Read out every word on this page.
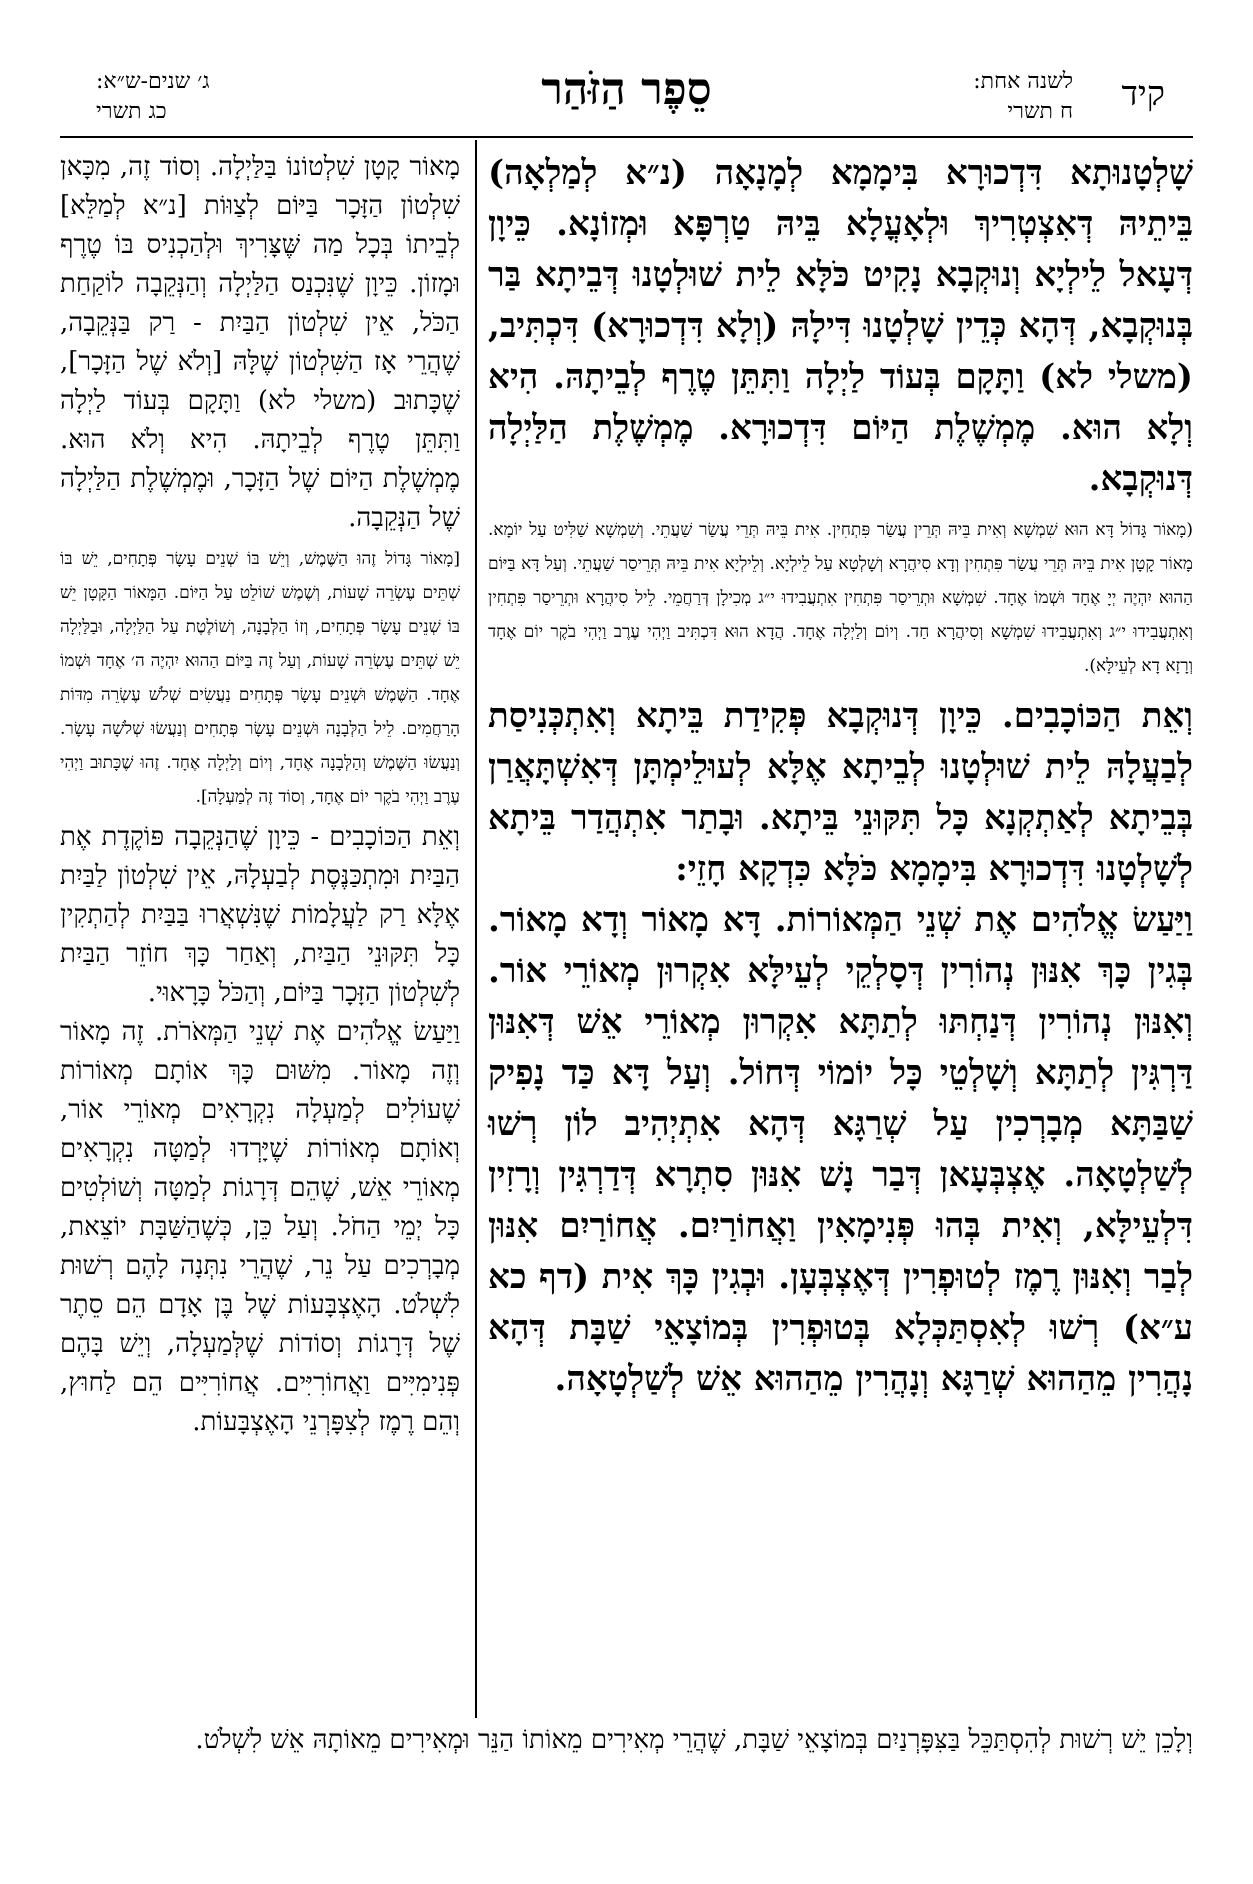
קיד
לשנה אחת:
ח תשרי
סֵפֶר הַזֹּהַר
ג׳ שנים-ש״א:
כג תשרי

שָׁלְטָנוּתָא דִּדְכוּרָא בִּימָמָא לְמָנָאָה (נ״א לְמַלְאָה) בֵּיתֵיהּ דְּאִצְטְרִיךְ וּלְאָעֳלָא בֵּיהּ טַרְפָּא וּמְזוֹנָא. כֵּיוָן דְּעָאל לֵילְיָא וְנוּקְבָא נָקִיט כֹּלָּא לֵית שׁוּלְטָנוּ דְּבֵיתָא בַּר בְּנוּקְבָא, דְּהָא כְּדֵין שָׁלְטָנוּ דִּילָהּ (וְלָא דִּדְכוּרָא) דִּכְתִּיב, (משלי לא) וַתָּקָם בְּעוֹד לַיְלָה וַתִּתֵּן טֶרֶף לְבֵיתָהּ. הִיא וְלָא הוּא. מֶמְשֶׁלֶת הַיּוֹם דִּדְכוּרָא. מֶמְשֶׁלֶת הַלַּיְלָה דְּנוּקְבָא.

(מָאוֹר גָּדוֹל דָּא הוּא שִׁמְשָׁא וְאִית בֵּיהּ תְּרֵין עֲשַׂר פִּתְחִין. אִית בֵּיהּ תְּרֵי עֲשַׂר שַׁעֲתֵי. וְשִׁמְשָׁא שַׁלִּיט עַל יוֹמָא. מָאוֹר קָטָן אִית בֵּיהּ תְּרֵי עֲשַׂר פִּתְחִין וְדָא סִיהֲרָא וְשָׁלְטָא עַל לֵילְיָא. וְלֵילְיָא אִית בֵּיהּ תְּרֵיסַר שַׁעֲתֵי. וְעַל דָּא בַּיּוֹם הַהוּא יִהְיֶה יְיָ אֶחָד וּשְׁמוֹ אֶחָד. שִׁמְשָׁא וּתְרֵיסַר פִּתְחִין אִתְעֲבִידוּ י״ג מְכִילָן דְּרַחֲמֵי. לֵיל סִיהֲרָא וּתְרֵיסַר פִּתְחִין וְאִתְעֲבִידוּ י״ג וְאִתְעֲבִידוּ שִׁמְשָׁא וְסִיהֲרָא חַד. וְיוֹם וְלַיְלָה אֶחָד. הֲדָא הוּא דִּכְתִּיב וַיְהִי עֶרֶב וַיְהִי בֹקֶר יוֹם אֶחָד וְרָזָא דָא לְעֵילָּא).

וְאֵת הַכּוֹכָבִים. כֵּיוָן דְּנוּקְבָא פְּקִידַת בֵּיתָא וְאִתְכְּנִיסַת לְבַעֲלָהּ לֵית שׁוּלְטָנוּ לְבֵיתָא אֶלָּא לְעוּלֵימְתָּן דְּאִשְׁתָּאֲרַן בְּבֵיתָא לְאַתְקְנָא כָּל תִּקּוּנֵי בֵּיתָא. וּבָתַר אִתְהֲדַר בֵּיתָא לְשָׁלְטָנוּ דִּדְכוּרָא בִּימָמָא כֹּלָּא כִּדְקָא חָזֵי:

וַיַּעַשׂ אֱלֹהִים אֶת שְׁנֵי הַמְּאוֹרוֹת. דָּא מָאוֹר וְדָא מָאוֹר. בְּגִין כָּךְ אִנּוּן נְהוֹרִין דְּסָלְקֵי לְעֵילָּא אִקְרוּן מְאוֹרֵי אוֹר. וְאִנּוּן נְהוֹרִין דְּנַחְתּוּ לְתַתָּא אִקְרוּן מְאוֹרֵי אֵשׁ דְּאִנּוּן דַּרְגִּין לְתַתָּא וְשָׁלְטֵי כָּל יוֹמוֹי דְּחוֹל. וְעַל דָּא כַּד נָפִיק שַׁבַּתָּא מְבָרְכִין עַל שְׁרַגָּא דְּהָא אִתְיְהִיב לוֹן רְשׁוּ לְשַׁלְטָאָה. אֶצְבְּעָאן דְּבַר נָשׁ אִנּוּן סִתְרָא דְּדַרְגִּין וְרָזִין דִּלְעֵילָּא, וְאִית בְּהוּ פְּנִימָאִין וַאֲחוֹרַיִם. אֲחוֹרַיִם אִנּוּן לְבַר וְאִנּוּן רֶמֶז לְטוּפְרִין דְּאֶצְבְּעָן. וּבְגִין כָּךְ אִית (דף כא ע״א) רְשׁוּ לְאִסְתַּכְּלָא בְּטוּפְרִין בְּמוֹצָאֵי שַׁבָּת דְּהָא נָהֲרִין מֵהַהוּא שְׁרַגָּא וְנָהֲרִין מֵהַהוּא אֵשׁ לְשַׁלְטָאָה.

מָאוֹר קָטָן שִׁלְטוֹנוֹ בַּלַּיְלָה. וְסוֹד זֶה, מִכָּאן שִׁלְטוֹן הַזָּכָר בַּיּוֹם לְצַוּוֹת [נ״א לְמַלֵּא] לְבֵיתוֹ בְּכָל מַה שֶּׁצָּרִיךְ וּלְהַכְנִיס בּוֹ טֶרֶף וּמָזוֹן. כֵּיוָן שֶׁנִּכְנַס הַלַּיְלָה וְהַנְּקֵבָה לוֹקַחַת הַכֹּל, אֵין שִׁלְטוֹן הַבַּיִת - רַק בַּנְּקֵבָה, שֶׁהֲרֵי אָז הַשִּׁלְטוֹן שֶׁלָּהּ [וְלֹא שֶׁל הַזָּכָר], שֶׁכָּתוּב (משלי לא) וַתָּקָם בְּעוֹד לַיְלָה וַתִּתֵּן טֶרֶף לְבֵיתָהּ. הִיא וְלֹא הוּא. מֶמְשֶׁלֶת הַיּוֹם שֶׁל הַזָּכָר, וּמֶמְשֶׁלֶת הַלַּיְלָה שֶׁל הַנְּקֵבָה.

[מָאוֹר גָּדוֹל זֶהוּ הַשֶּׁמֶשׁ, וְיֵשׁ בּוֹ שְׁנֵים עָשָׂר פְּתָחִים, יֵשׁ בּוֹ שְׁתֵּים עֶשְׂרֵה שָׁעוֹת, וְשֶׁמֶשׁ שׁוֹלֵט עַל הַיּוֹם. הַמָּאוֹר הַקָּטָן יֵשׁ בּוֹ שְׁנֵים עָשָׂר פְּתָחִים, וְזוֹ הַלְּבָנָה, וְשׁוֹלֶטֶת עַל הַלַּיְלָה, וּבַלַּיְלָה יֵשׁ שְׁתֵּים עֶשְׂרֵה שָׁעוֹת, וְעַל זֶה בַּיּוֹם הַהוּא יִהְיֶה ה׳ אֶחָד וּשְׁמוֹ אֶחָד. הַשֶּׁמֶשׁ וּשְׁנֵים עָשָׂר פְּתָחִים נַעֲשִׂים שְׁלֹשׁ עֶשְׂרֵה מִדּוֹת הָרַחֲמִים. לֵיל הַלְּבָנָה וּשְׁנֵים עָשָׂר פְּתָחִים וְנַעֲשׂוּ שְׁלֹשָׁה עָשָׂר. וְנַעֲשׂוּ הַשֶּׁמֶשׁ וְהַלְּבָנָה אֶחָד, וְיוֹם וְלַיְלָה אֶחָד. זֶהוּ שֶׁכָּתוּב וַיְהִי עֶרֶב וַיְהִי בֹקֶר יוֹם אֶחָד, וְסוֹד זֶה לְמַעְלָה].

וְאֵת הַכּוֹכָבִים - כֵּיוָן שֶׁהַנְּקֵבָה פּוֹקֶדֶת אֶת הַבַּיִת וּמִתְכַּנֶּסֶת לְבַעְלָהּ, אֵין שִׁלְטוֹן לַבַּיִת אֶלָּא רַק לַעֲלָמוֹת שֶׁנִּשְׁאֲרוּ בַּבַּיִת לְהַתְקִין כָּל תִּקּוּנֵי הַבַּיִת, וְאַחַר כָּךְ חוֹזֵר הַבַּיִת לְשִׁלְטוֹן הַזָּכָר בַּיּוֹם, וְהַכֹּל כָּרָאוּי.

וַיַּעַשׂ אֱלֹהִים אֶת שְׁנֵי הַמְּאֹרֹת. זֶה מָאוֹר וְזֶה מָאוֹר. מִשּׁוּם כָּךְ אוֹתָם מְאוֹרוֹת שֶׁעוֹלִים לְמַעְלָה נִקְרָאִים מְאוֹרֵי אוֹר, וְאוֹתָם מְאוֹרוֹת שֶׁיָּרְדוּ לְמַטָּה נִקְרָאִים מְאוֹרֵי אֵשׁ, שֶׁהֵם דְּרָגוֹת לְמַטָּה וְשׁוֹלְטִים כָּל יְמֵי הַחֹל. וְעַל כֵּן, כְּשֶׁהַשַּׁבָּת יוֹצֵאת, מְבָרְכִים עַל נֵר, שֶׁהֲרֵי נִתְּנָה לָהֶם רְשׁוּת לִשְׁלֹט. הָאֶצְבָּעוֹת שֶׁל בֶּן אָדָם הֵם סֵתֶר שֶׁל דְּרָגוֹת וְסוֹדוֹת שֶׁלְּמַעְלָה, וְיֵשׁ בָּהֶם פְּנִימִיִּים וַאֲחוֹרִיִּים. אֲחוֹרִיִּים הֵם לַחוּץ, וְהֵם רֶמֶז לְצִפָּרְנֵי הָאֶצְבָּעוֹת.

וְלָכֵן יֵשׁ רְשׁוּת לְהִסְתַּכֵּל בַּצִּפָּרְנַיִם בְּמוֹצָאֵי שַׁבָּת, שֶׁהֲרֵי מְאִירִים מֵאוֹתוֹ הַנֵּר וּמְאִירִים מֵאוֹתָהּ אֵשׁ לִשְׁלֹט.
